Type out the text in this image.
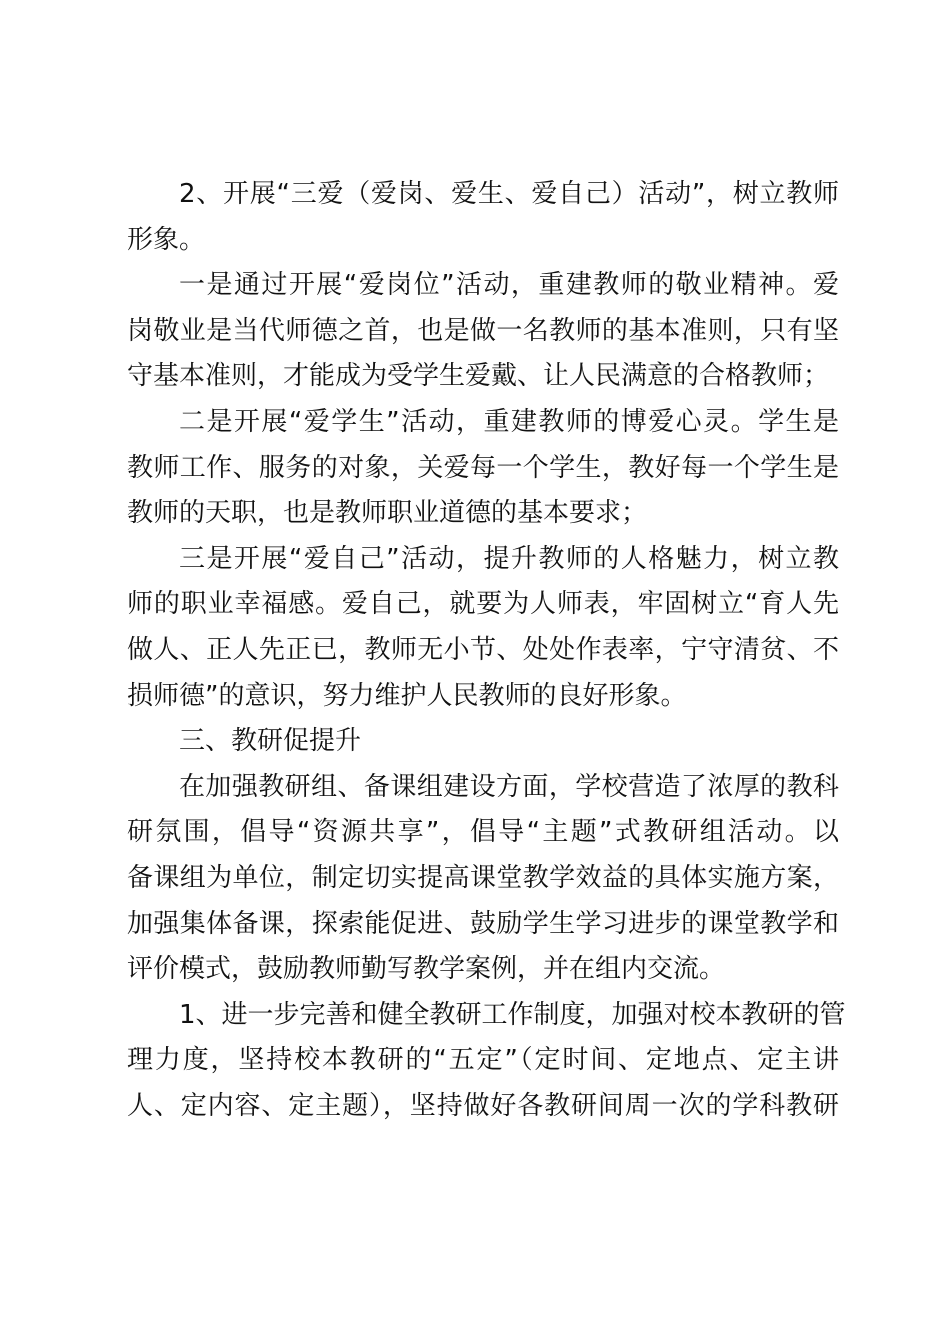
2、开展“三爱（爱岗、爱生、爱自己）活动”，树立教师
形象。
一是通过开展“爱岗位”活动，重建教师的敬业精神。爱
岗敬业是当代师德之首，也是做一名教师的基本准则，只有坚
守基本准则，才能成为受学生爱戴、让人民满意的合格教师；
二是开展“爱学生”活动，重建教师的博爱心灵。学生是
教师工作、服务的对象，关爱每一个学生，教好每一个学生是
教师的天职，也是教师职业道德的基本要求；
三是开展“爱自己”活动，提升教师的人格魅力，树立教
师的职业幸福感。爱自己，就要为人师表，牢固树立“育人先
做人、正人先正已，教师无小节、处处作表率，宁守清贫、不
损师德”的意识，努力维护人民教师的良好形象。
三、教研促提升
在加强教研组、备课组建设方面，学校营造了浓厚的教科
研氛围，倡导“资源共享”，倡导“主题”式教研组活动。以
备课组为单位，制定切实提高课堂教学效益的具体实施方案，
加强集体备课，探索能促进、鼓励学生学习进步的课堂教学和
评价模式，鼓励教师勤写教学案例，并在组内交流。
1、进一步完善和健全教研工作制度，加强对校本教研的管
理力度，坚持校本教研的“五定”（定时间、定地点、定主讲
人、定内容、定主题），坚持做好各教研间周一次的学科教研
